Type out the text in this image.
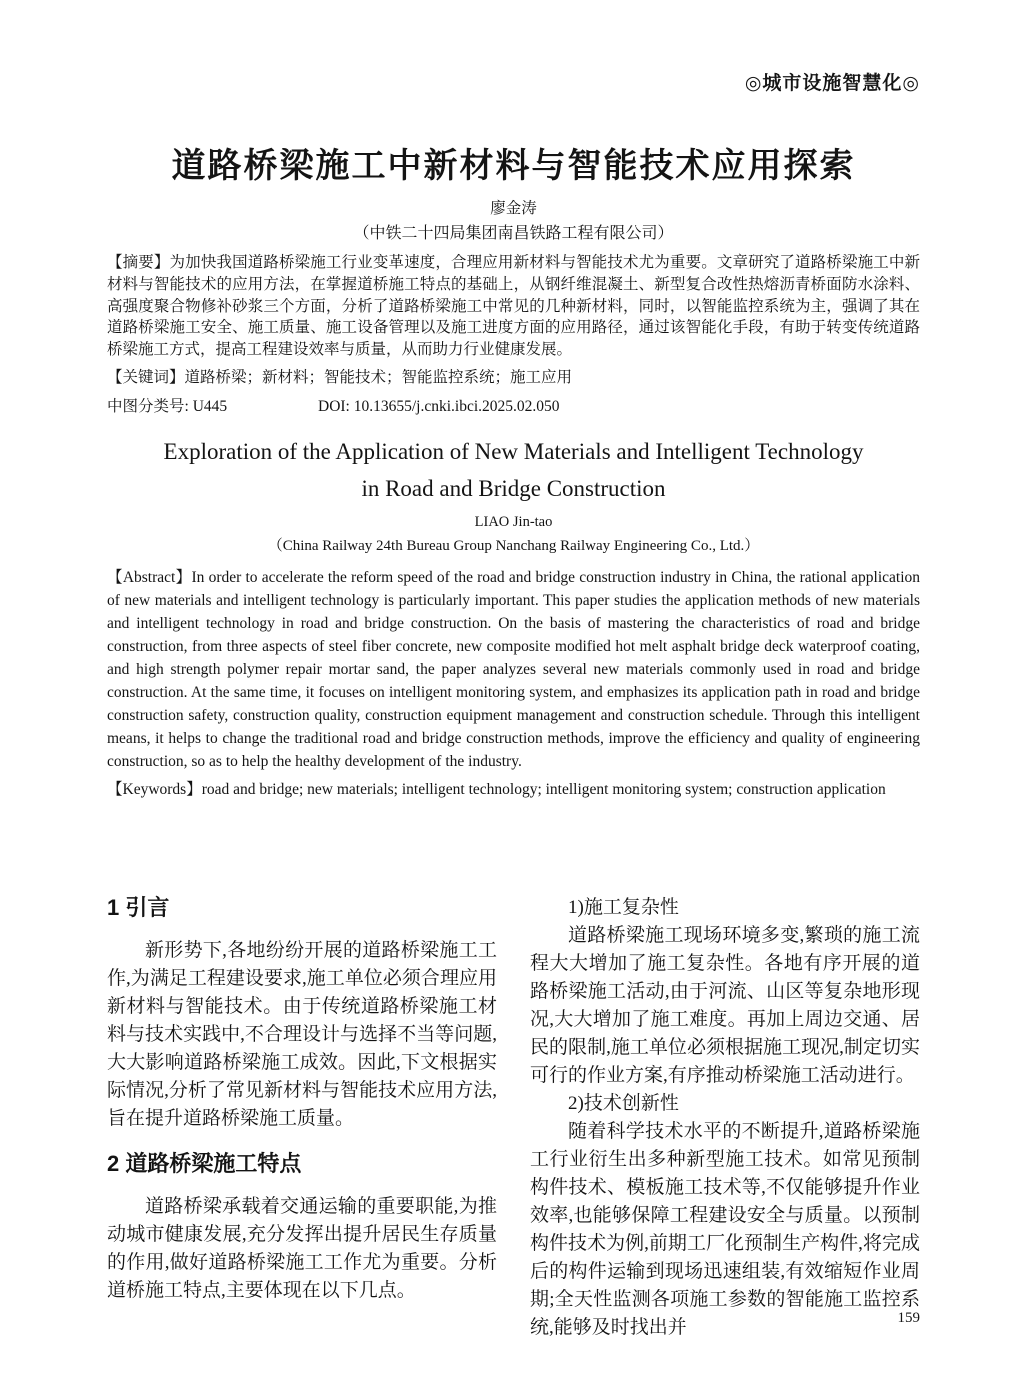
◎城市设施智慧化◎
道路桥梁施工中新材料与智能技术应用探索
廖金涛
（中铁二十四局集团南昌铁路工程有限公司）

【摘要】为加快我国道路桥梁施工行业变革速度，合理应用新材料与智能技术尤为重要。文章研究了道路桥梁施工中新材料与智能技术的应用方法，在掌握道桥施工特点的基础上，从钢纤维混凝土、新型复合改性热熔沥青桥面防水涂料、高强度聚合物修补砂浆三个方面，分析了道路桥梁施工中常见的几种新材料，同时，以智能监控系统为主，强调了其在道路桥梁施工安全、施工质量、施工设备管理以及施工进度方面的应用路径，通过该智能化手段，有助于转变传统道路桥梁施工方式，提高工程建设效率与质量，从而助力行业健康发展。

【关键词】道路桥梁；新材料；智能技术；智能监控系统；施工应用

中图分类号: U445	DOI: 10.13655/j.cnki.ibci.2025.02.050
Exploration of the Application of New Materials and Intelligent Technology
in Road and Bridge Construction
LIAO Jin-tao
（China Railway 24th Bureau Group Nanchang Railway Engineering Co., Ltd.）

【Abstract】In order to accelerate the reform speed of the road and bridge construction industry in China, the rational application of new materials and intelligent technology is particularly important. This paper studies the application methods of new materials and intelligent technology in road and bridge construction. On the basis of mastering the characteristics of road and bridge construction, from three aspects of steel fiber concrete, new composite modified hot melt asphalt bridge deck waterproof coating, and high strength polymer repair mortar sand, the paper analyzes several new materials commonly used in road and bridge construction. At the same time, it focuses on intelligent monitoring system, and emphasizes its application path in road and bridge construction safety, construction quality, construction equipment management and construction schedule. Through this intelligent means, it helps to change the traditional road and bridge construction methods, improve the efficiency and quality of engineering construction, so as to help the healthy development of the industry.

【Keywords】road and bridge; new materials; intelligent technology; intelligent monitoring system; construction application

1 引言

新形势下,各地纷纷开展的道路桥梁施工工作,为满足工程建设要求,施工单位必须合理应用新材料与智能技术。由于传统道路桥梁施工材料与技术实践中,不合理设计与选择不当等问题,大大影响道路桥梁施工成效。因此,下文根据实际情况,分析了常见新材料与智能技术应用方法,旨在提升道路桥梁施工质量。

2 道路桥梁施工特点

道路桥梁承载着交通运输的重要职能,为推动城市健康发展,充分发挥出提升居民生存质量的作用,做好道路桥梁施工工作尤为重要。分析道桥施工特点,主要体现在以下几点。

1)施工复杂性

道路桥梁施工现场环境多变,繁琐的施工流程大大增加了施工复杂性。各地有序开展的道路桥梁施工活动,由于河流、山区等复杂地形现况,大大增加了施工难度。再加上周边交通、居民的限制,施工单位必须根据施工现况,制定切实可行的作业方案,有序推动桥梁施工活动进行。

2)技术创新性

随着科学技术水平的不断提升,道路桥梁施工行业衍生出多种新型施工技术。如常见预制构件技术、模板施工技术等,不仅能够提升作业效率,也能够保障工程建设安全与质量。以预制构件技术为例,前期工厂化预制生产构件,将完成后的构件运输到现场迅速组装,有效缩短作业周期;全天性监测各项施工参数的智能施工监控系统,能够及时找出并	159
